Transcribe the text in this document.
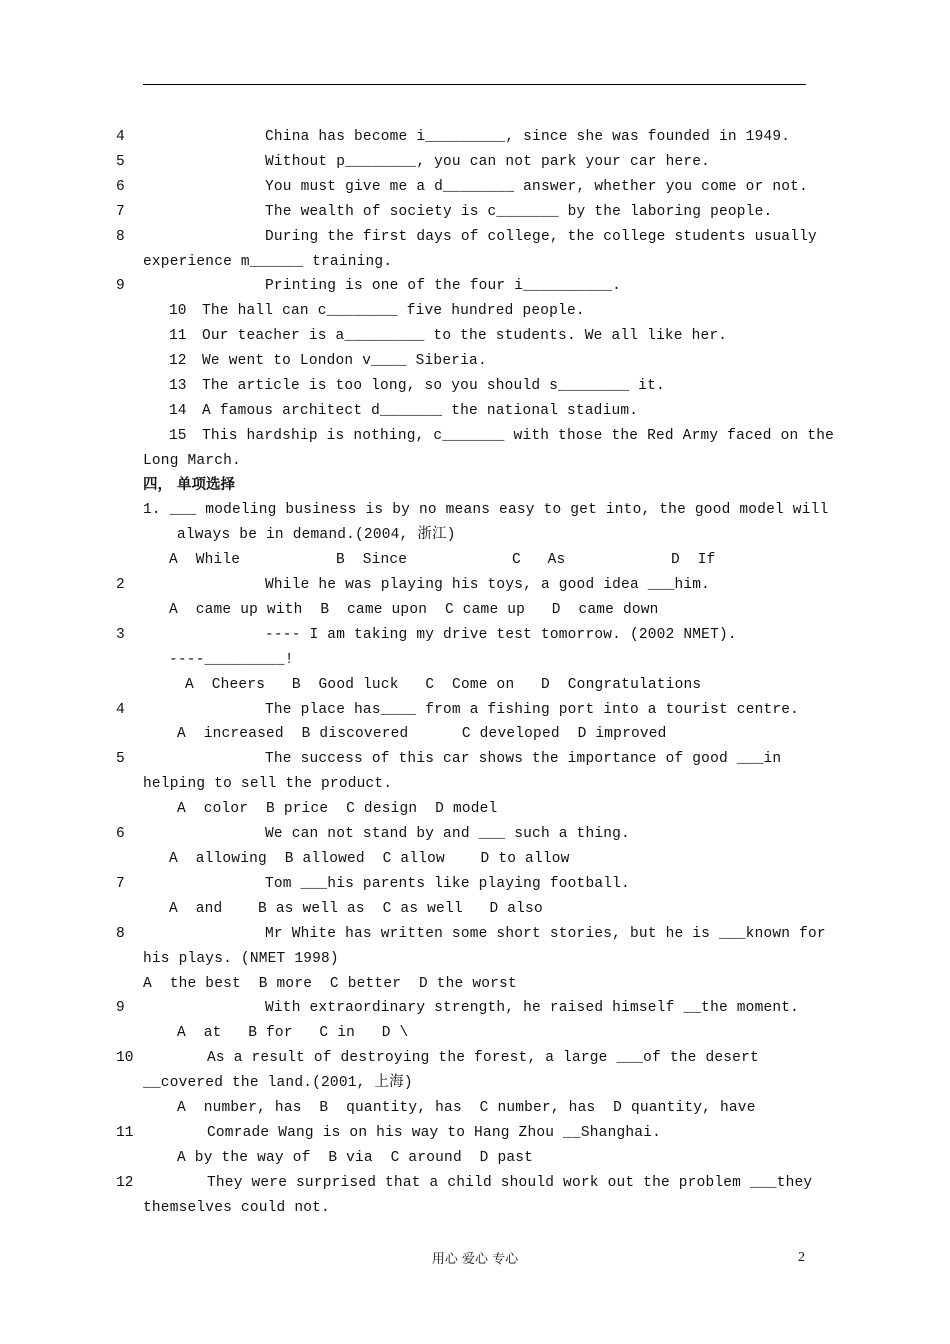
4	China has become i_________, since she was founded in 1949.
5	Without p________, you can not park your car here.
6	You must give me a d________ answer, whether you come or not.
7	The wealth of society is c_______ by the laboring people.
8	During the first days of college, the college students usually
experience m______ training.
9	Printing is one of the four i__________.
10 The hall can c________ five hundred people.
11 Our teacher is a_________ to the students. We all like her.
12 We went to London v____ Siberia.
13 The article is too long, so you should s________ it.
14 A famous architect d_______ the national stadium.
15 This hardship is nothing, c_______ with those the Red Army faced on the
Long March.
四， 单项选择
1. ___ modeling business is by no means easy to get into, the good model will
always be in demand.(2004, 浙江)
A  While	B  Since	C   As	D  If
2	While he was playing his toys, a good idea ___him.
A  came up with  B  came upon  C came up   D  came down
3	---- I am taking my drive test tomorrow. (2002 NMET).
----_________!
A  Cheers   B  Good luck   C  Come on   D  Congratulations
4	The place has____ from a fishing port into a tourist centre.
A  increased  B discovered      C developed  D improved
5	The success of this car shows the importance of good ___in
helping to sell the product.
A  color  B price  C design  D model
6	We can not stand by and ___ such a thing.
A  allowing  B allowed  C allow    D to allow
7	Tom ___his parents like playing football.
A  and    B as well as  C as well   D also
8	Mr White has written some short stories, but he is ___known for
his plays. (NMET 1998)
A  the best  B more  C better  D the worst
9	With extraordinary strength, he raised himself __the moment.
A  at   B for   C in   D \
10	As a result of destroying the forest, a large ___of the desert
__covered the land.(2001, 上海)
A  number, has  B  quantity, has  C number, has  D quantity, have
11	Comrade Wang is on his way to Hang Zhou __Shanghai.
A by the way of  B via  C around  D past
12	They were surprised that a child should work out the problem ___they
themselves could not.
用心 爱心 专心	2
